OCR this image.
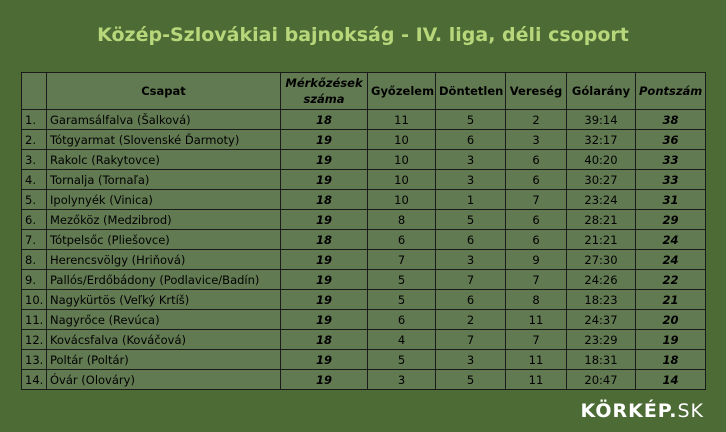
Közép-Szlovákiai bajnokság - IV. liga, déli csoport
	Csapat	Mérkőzések száma	Győzelem	Döntetlen	Vereség	Gólarány	Pontszám
1.	Garamsálfalva (Šalková)	18	11	5	2	39:14	38
2.	Tótgyarmat (Slovenské Ďarmoty)	19	10	6	3	32:17	36
3.	Rakolc (Rakytovce)	19	10	3	6	40:20	33
4.	Tornalja (Tornaľa)	19	10	3	6	30:27	33
5.	Ipolynyék (Vinica)	18	10	1	7	23:24	31
6.	Mezőköz (Medzibrod)	19	8	5	6	28:21	29
7.	Tótpelsőc (Pliešovce)	18	6	6	6	21:21	24
8.	Herencsvölgy (Hriňová)	19	7	3	9	27:30	24
9.	Pallós/Erdőbádony (Podlavice/Badín)	19	5	7	7	24:26	22
10.	Nagykürtös (Veľký Krtíš)	19	5	6	8	18:23	21
11.	Nagyrőce (Revúca)	19	6	2	11	24:37	20
12.	Kovácsfalva (Kováčová)	18	4	7	7	23:29	19
13.	Poltár (Poltár)	19	5	3	11	18:31	18
14.	Óvár (Olováry)	19	3	5	11	20:47	14
KÖRKÉP.SK
